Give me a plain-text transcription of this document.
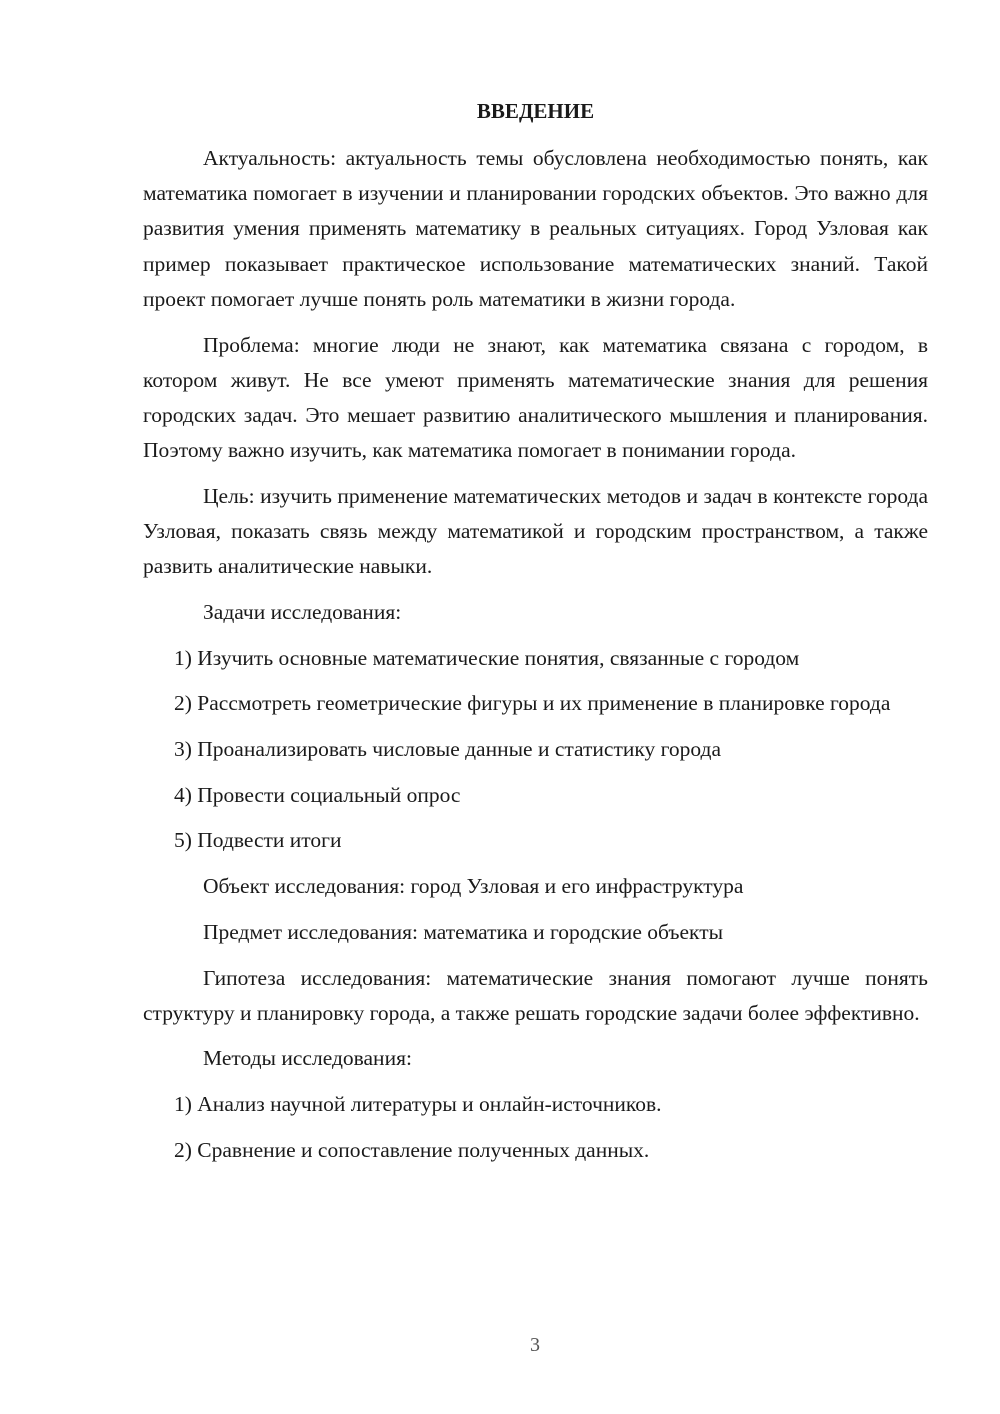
ВВЕДЕНИЕ

Актуальность: актуальность темы обусловлена необходимостью понять, как математика помогает в изучении и планировании городских объектов. Это важно для развития умения применять математику в реальных ситуациях. Город Узловая как пример показывает практическое использование математических знаний. Такой проект помогает лучше понять роль математики в жизни города.

Проблема: многие люди не знают, как математика связана с городом, в котором живут. Не все умеют применять математические знания для решения городских задач. Это мешает развитию аналитического мышления и планирования. Поэтому важно изучить, как математика помогает в понимании города.

Цель: изучить применение математических методов и задач в контексте города Узловая, показать связь между математикой и городским пространством, а также развить аналитические навыки.

Задачи исследования:

1) Изучить основные математические понятия, связанные с городом

2) Рассмотреть геометрические фигуры и их применение в планировке города

3) Проанализировать числовые данные и статистику города

4) Провести социальный опрос

5) Подвести итоги

Объект исследования: город Узловая и его инфраструктура

Предмет исследования: математика и городские объекты

Гипотеза исследования: математические знания помогают лучше понять структуру и планировку города, а также решать городские задачи более эффективно.

Методы исследования:

1) Анализ научной литературы и онлайн-источников.

2) Сравнение и сопоставление полученных данных.

3
